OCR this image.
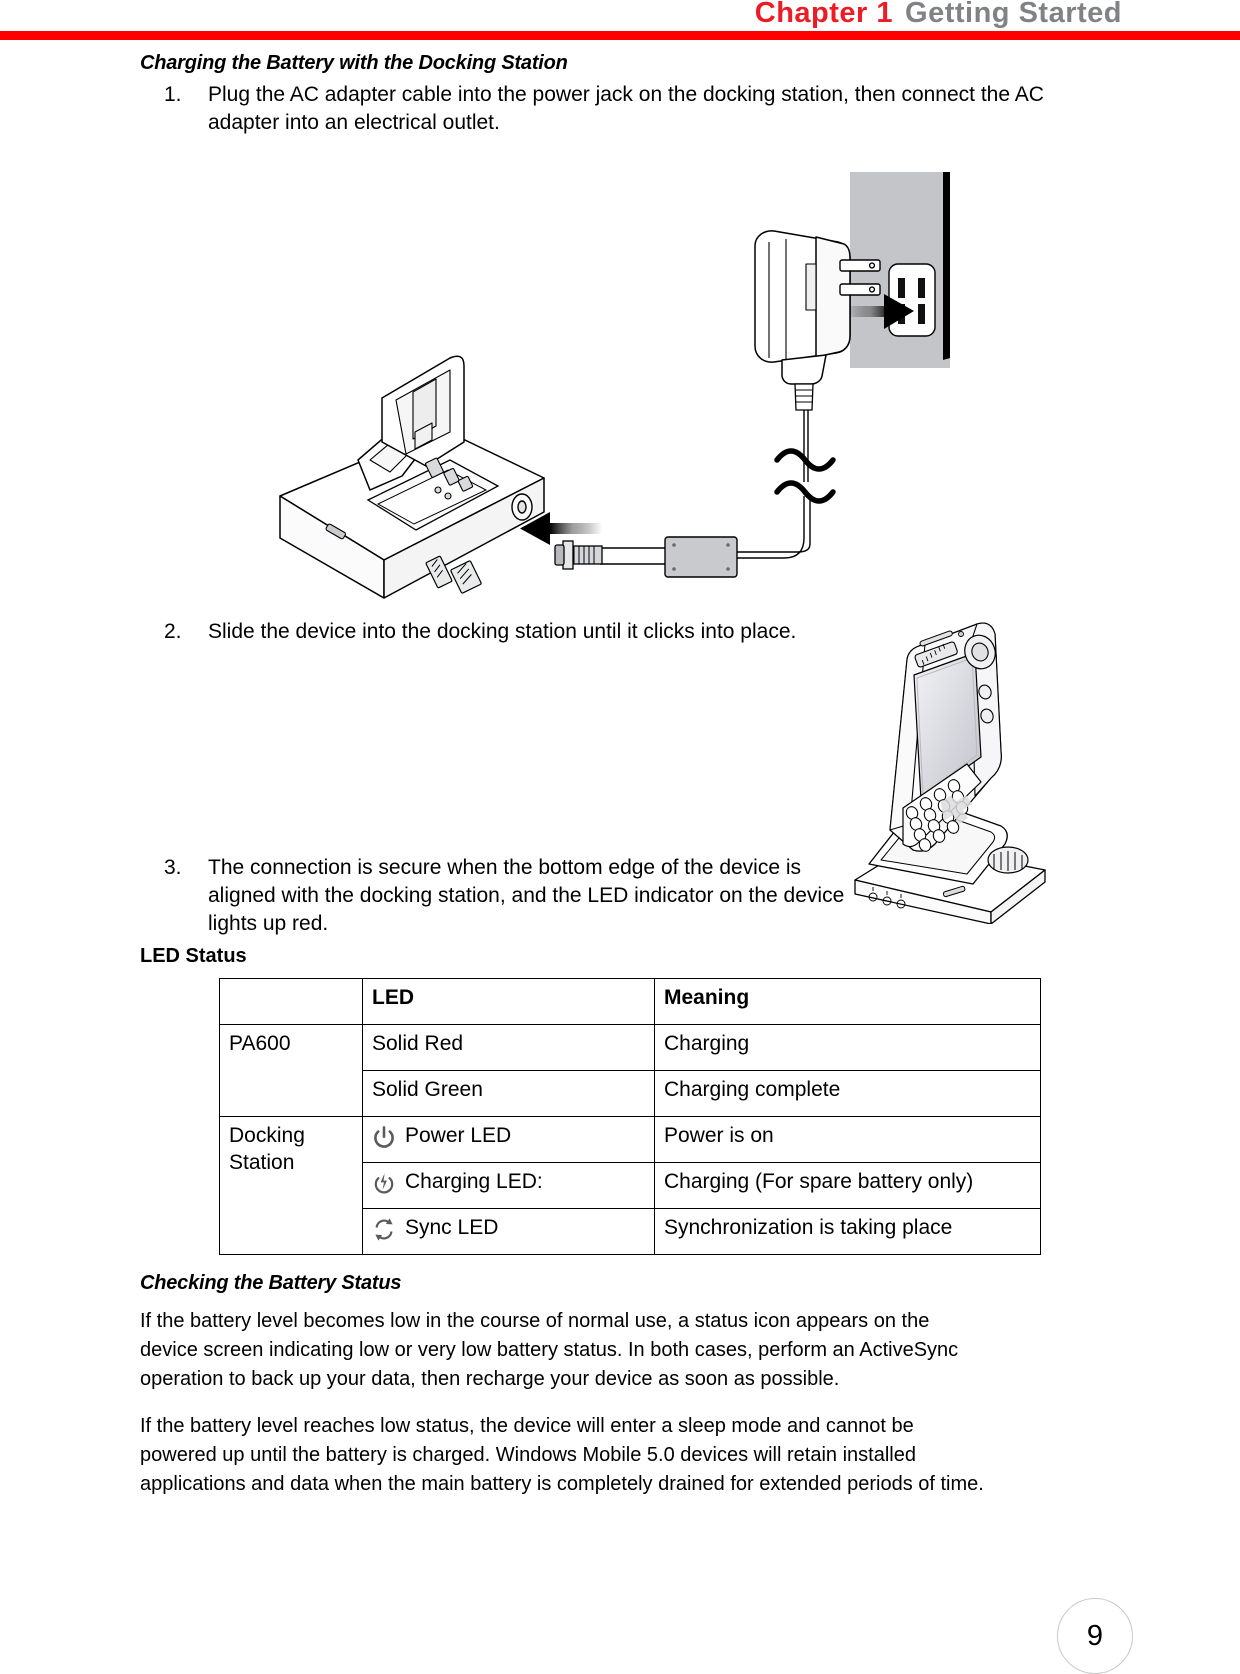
Chapter 1 Getting Started
Charging the Battery with the Docking Station
1. Plug the AC adapter cable into the power jack on the docking station, then connect the AC adapter into an electrical outlet.
2. Slide the device into the docking station until it clicks into place.
3. The connection is secure when the bottom edge of the device is aligned with the docking station, and the LED indicator on the device lights up red.
LED Status
	LED	Meaning
PA600	Solid Red	Charging
	Solid Green	Charging complete
Docking Station	Power LED	Power is on

	Charging LED:	Charging (For spare battery only)

	Sync LED	Synchronization is taking place
Checking the Battery Status

If the battery level becomes low in the course of normal use, a status icon appears on the device screen indicating low or very low battery status. In both cases, perform an ActiveSync operation to back up your data, then recharge your device as soon as possible.

If the battery level reaches low status, the device will enter a sleep mode and cannot be powered up until the battery is charged. Windows Mobile 5.0 devices will retain installed applications and data when the main battery is completely drained for extended periods of time.

9
